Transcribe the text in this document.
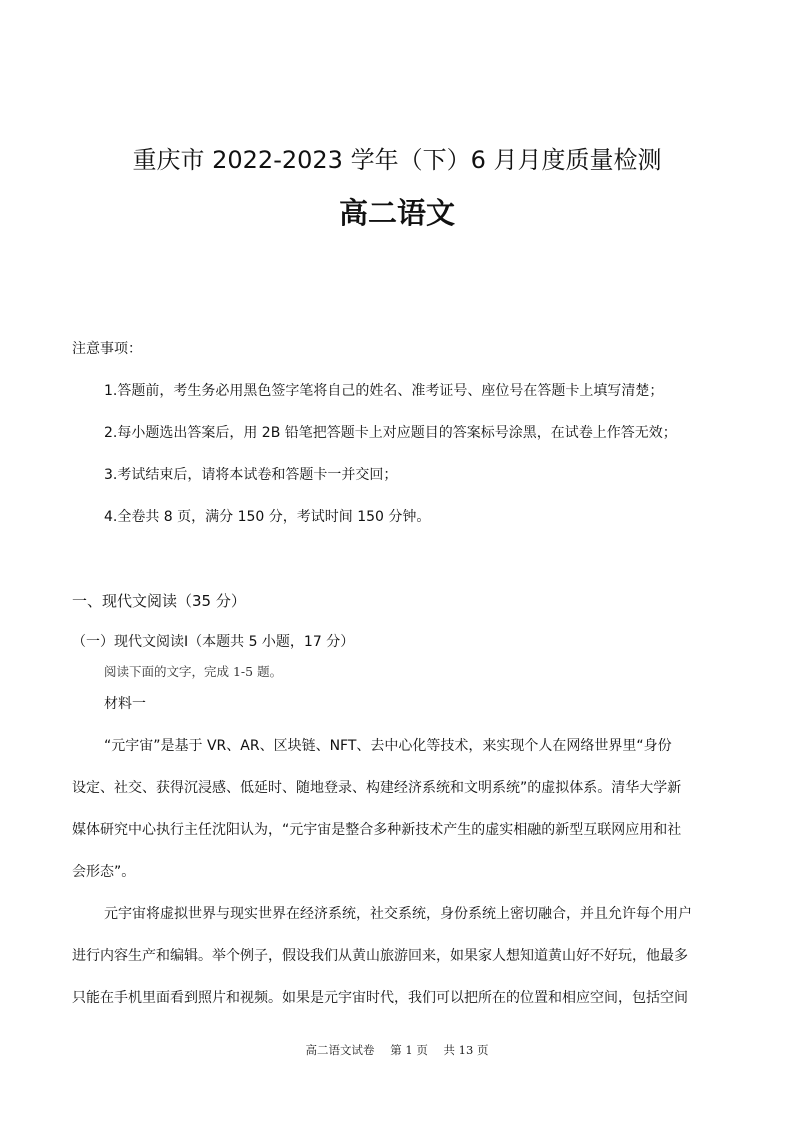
重庆市 2022-2023 学年（下）6 月月度质量检测
高二语文
注意事项：
1.答题前，考生务必用黑色签字笔将自己的姓名、准考证号、座位号在答题卡上填写清楚；
2.每小题选出答案后，用 2B 铅笔把答题卡上对应题目的答案标号涂黑，在试卷上作答无效；
3.考试结束后，请将本试卷和答题卡一并交回；
4.全卷共 8 页，满分 150 分，考试时间 150 分钟。
一、现代文阅读（35 分）
（一）现代文阅读Ⅰ（本题共 5 小题，17 分）
阅读下面的文字，完成 1-5 题。
材料一
“元宇宙”是基于 VR、AR、区块链、NFT、去中心化等技术，来实现个人在网络世界里“身份
设定、社交、获得沉浸感、低延时、随地登录、构建经济系统和文明系统”的虚拟体系。清华大学新
媒体研究中心执行主任沈阳认为，“元宇宙是整合多种新技术产生的虚实相融的新型互联网应用和社
会形态”。
元宇宙将虚拟世界与现实世界在经济系统，社交系统，身份系统上密切融合，并且允许每个用户
进行内容生产和编辑。举个例子，假设我们从黄山旅游回来，如果家人想知道黄山好不好玩，他最多
只能在手机里面看到照片和视频。如果是元宇宙时代，我们可以把所在的位置和相应空间，包括空间
高二语文试卷 第 1 页 共 13 页
